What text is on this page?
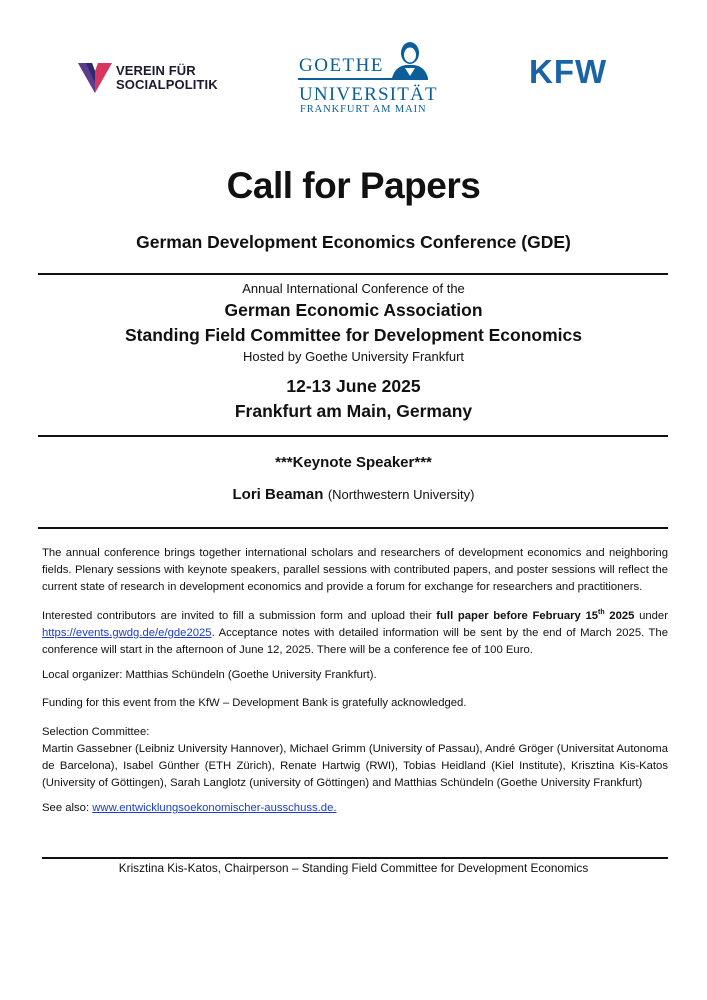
VEREIN FÜR
SOCIALPOLITIK
GOETHE
UNIVERSITÄT
FRANKFURT AM MAIN
KFW
Call for Papers
German Development Economics Conference (GDE)
Annual International Conference of the
German Economic Association
Standing Field Committee for Development Economics
Hosted by Goethe University Frankfurt
12-13 June 2025
Frankfurt am Main, Germany
***Keynote Speaker***
Lori Beaman (Northwestern University)

The annual conference brings together international scholars and researchers of development economics and neighboring fields. Plenary sessions with keynote speakers, parallel sessions with contributed papers, and poster sessions will reflect the current state of research in development economics and provide a forum for exchange for researchers and practitioners.

Interested contributors are invited to fill a submission form and upload their full paper before February 15th 2025 under https://events.gwdg.de/e/gde2025. Acceptance notes with detailed information will be sent by the end of March 2025. The conference will start in the afternoon of June 12, 2025. There will be a conference fee of 100 Euro.

Local organizer: Matthias Schündeln (Goethe University Frankfurt).

Funding for this event from the KfW – Development Bank is gratefully acknowledged.

Selection Committee:

Martin Gassebner (Leibniz University Hannover), Michael Grimm (University of Passau), André Gröger (Universitat Autonoma de Barcelona), Isabel Günther (ETH Zürich), Renate Hartwig (RWI), Tobias Heidland (Kiel Institute), Krisztina Kis-Katos (University of Göttingen), Sarah Langlotz (university of Göttingen) and Matthias Schündeln (Goethe University Frankfurt)

See also: www.entwicklungsoekonomischer-ausschuss.de.

Krisztina Kis-Katos, Chairperson – Standing Field Committee for Development Economics
